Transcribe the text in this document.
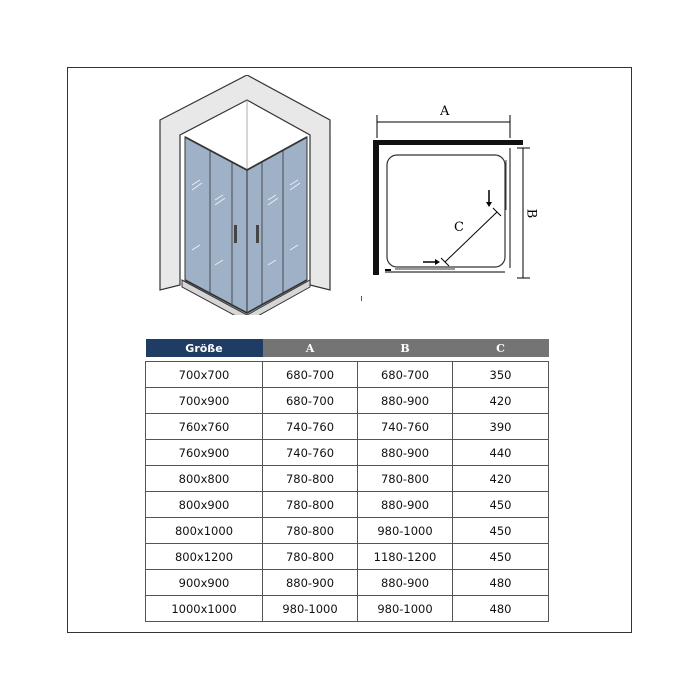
A
B
C
Größe	A	B	C

700x700	680-700	680-700	350
700x900	680-700	880-900	420
760x760	740-760	740-760	390
760x900	740-760	880-900	440
800x800	780-800	780-800	420
800x900	780-800	880-900	450
800x1000	780-800	980-1000	450
800x1200	780-800	1180-1200	450
900x900	880-900	880-900	480
1000x1000	980-1000	980-1000	480
